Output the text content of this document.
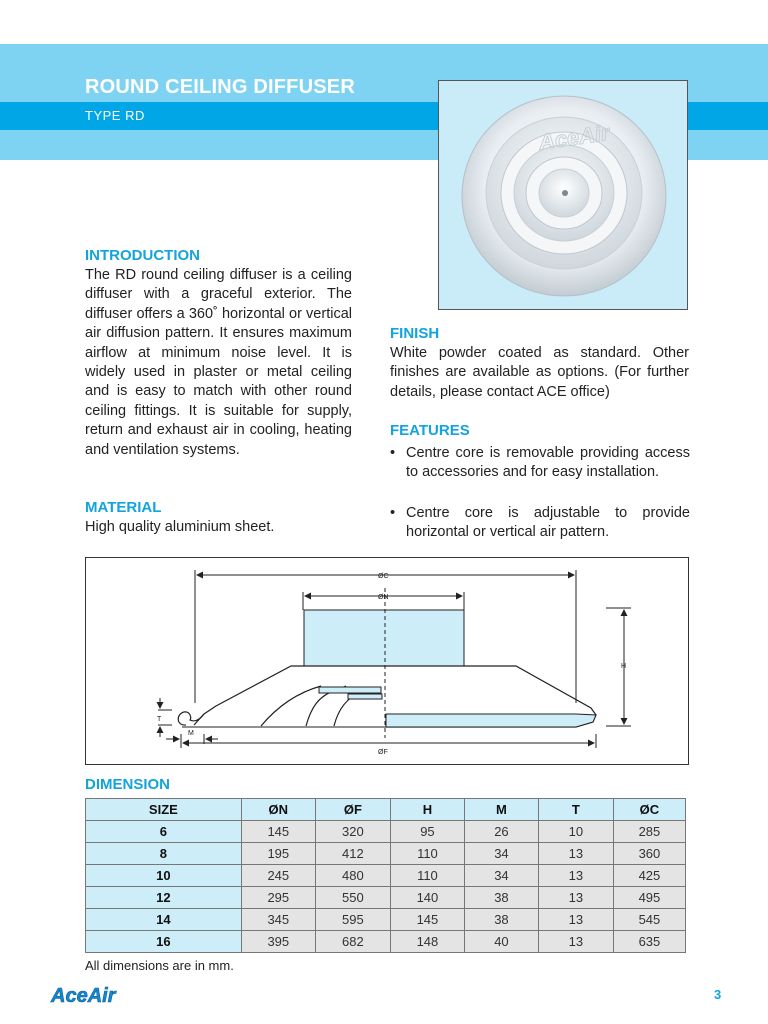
ROUND CEILING DIFFUSER
TYPE RD
AceAir
INTRODUCTION
The RD round ceiling diffuser is a ceiling diffuser with a graceful exterior. The diffuser offers a 360˚ horizontal or vertical air diffusion pattern. It ensures maximum airflow at minimum noise level. It is widely used in plaster or metal ceiling and is easy to match with other round ceiling fittings. It is suitable for supply, return and exhaust air in cooling, heating and ventilation systems.
MATERIAL
High quality aluminium sheet.
FINISH
White powder coated as standard. Other finishes are available as options. (For further details, please contact ACE office)
FEATURES
• Centre core is removable providing access to accessories and for easy installation.
• Centre core is adjustable to provide horizontal or vertical air pattern.
ØC
ØN
ØF
H
T
M
DIMENSION
SIZE	ØN	ØF	H	M	T	ØC
6	145	320	95	26	10	285
8	195	412	110	34	13	360
10	245	480	110	34	13	425
12	295	550	140	38	13	495
14	345	595	145	38	13	545
16	395	682	148	40	13	635
All dimensions are in mm.
AceAir	3
